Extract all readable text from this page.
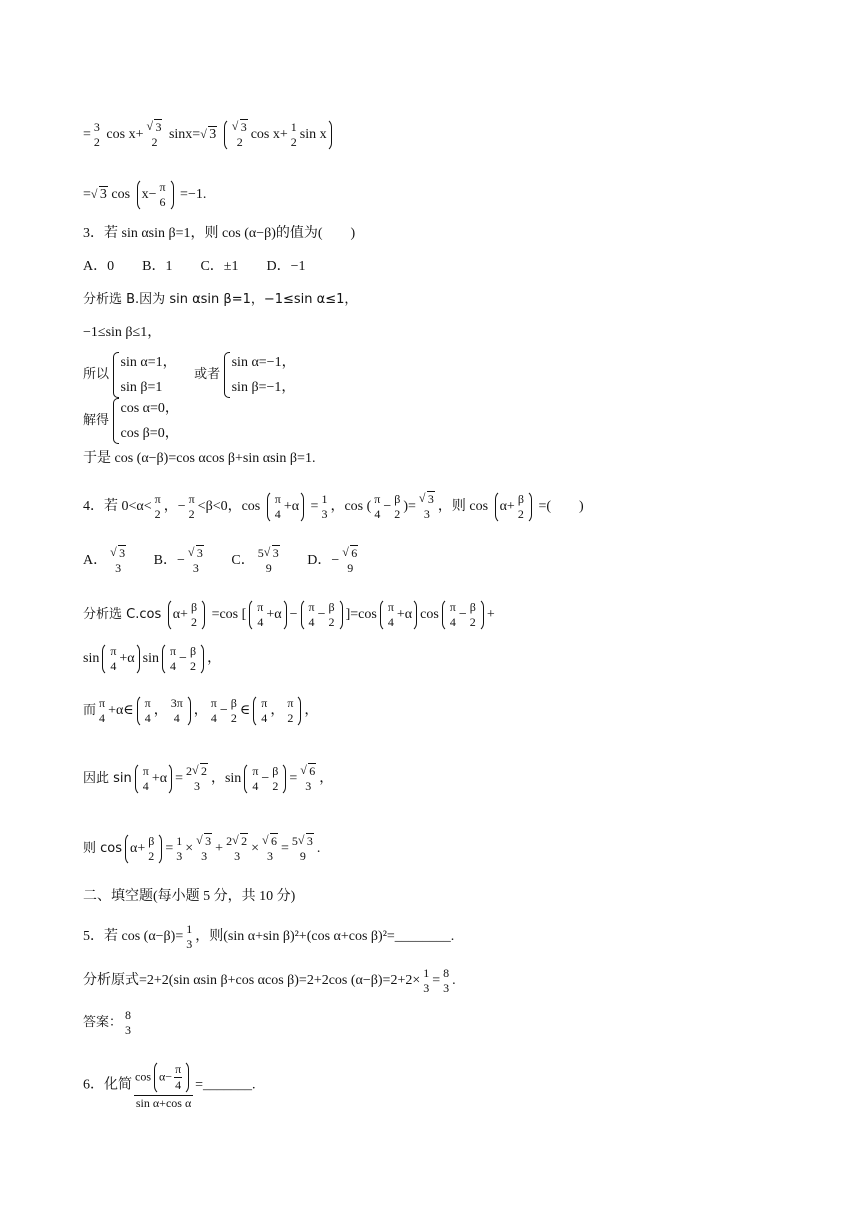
=
3
2 cos x+
√ 3
2 sinx= √ 3
√ 3
2 cos x+
1
2 sin x
= √ 3 cos x−
π
6 =−1.
3．若 sin αsin β=1，则 cos (α−β)的值为(　　)
A．0　　B．1　　C．±1　　D．−1
分析选 B.因为 sin αsin β=1，−1≤sin α≤1，
−1≤sin β≤1，
所以
sin α=1，
sin β=1
或者
sin α=−1，
sin β=−1，
解得
cos α=0，
cos β=0，
于是 cos (α−β)=cos αcos β+sin αsin β=1.
4．若 0<α<
π
2 ，−
π
2 <β<0，cos
π
4 +α =
1
3 ，cos (
π
4 −
β
2 )=
√ 3
3 ，则 cos α+
β
2 =(　　)
A．
√ 3
3	B．−
√ 3
3	C．
5 √ 3
9	D．−
√ 6
9
分析选 C.cos α+
β
2 =cos [
π
4 +α −
π
4 −
β
2 ]=cos
π
4 +α cos
π
4 −
β
2 +
sin
π
4 +α sin
π
4 −
β
2 ，
而
π
4 +α∈
π
4 ，
3π
4 ，
π
4 −
β
2 ∈
π
4 ，
π
2 ，
因此 sin
π
4 +α =
2 √ 2
3 ，sin
π
4 −
β
2 =
√ 6
3 ，
则 cos α+
β
2 =
1
3 ×
√ 3
3 +
2 √ 2
3 ×
√ 6
3 =
5 √ 3
9 .
二、填空题(每小题 5 分，共 10 分)
5．若 cos (α−β)=
1
3 ，则(sin α+sin β)²+(cos α+cos β)²=________.
分析原式=2+2(sin αsin β+cos αcos β)=2+2cos (α−β)=2+2×
1
3 =
8
3 .
答案：
8
3
6．化简 $\frac{\cos \alpha- \frac{\pi}{4}}{\text{sin α+cos α}}$ =_______.
